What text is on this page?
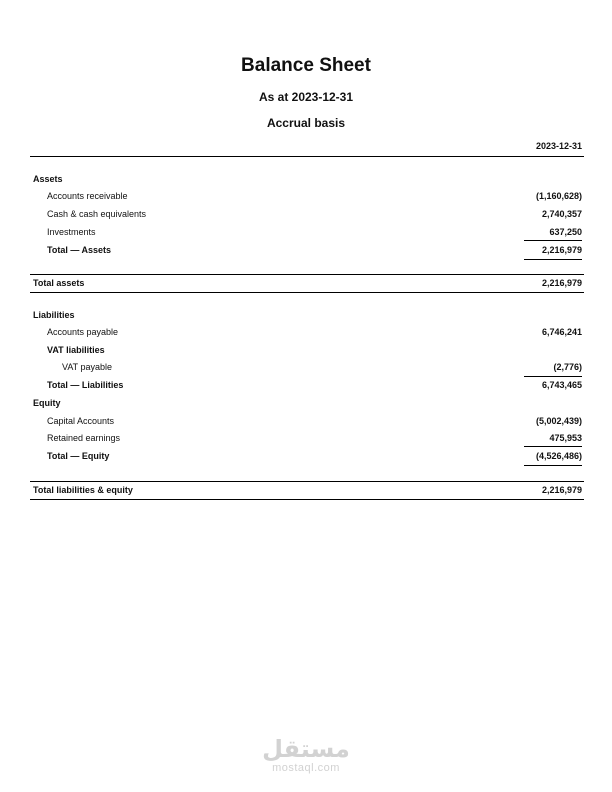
Balance Sheet
As at 2023-12-31
Accrual basis
2023-12-31
Assets
Accounts receivable	(1,160,628)
Cash & cash equivalents	2,740,357
Investments	637,250
Total — Assets	2,216,979
Total assets	2,216,979
Liabilities
Accounts payable	6,746,241
VAT liabilities
VAT payable	(2,776)
Total — Liabilities	6,743,465
Equity
Capital Accounts	(5,002,439)
Retained earnings	475,953
Total — Equity	(4,526,486)
Total liabilities & equity	2,216,979
مستقل
mostaql.com
